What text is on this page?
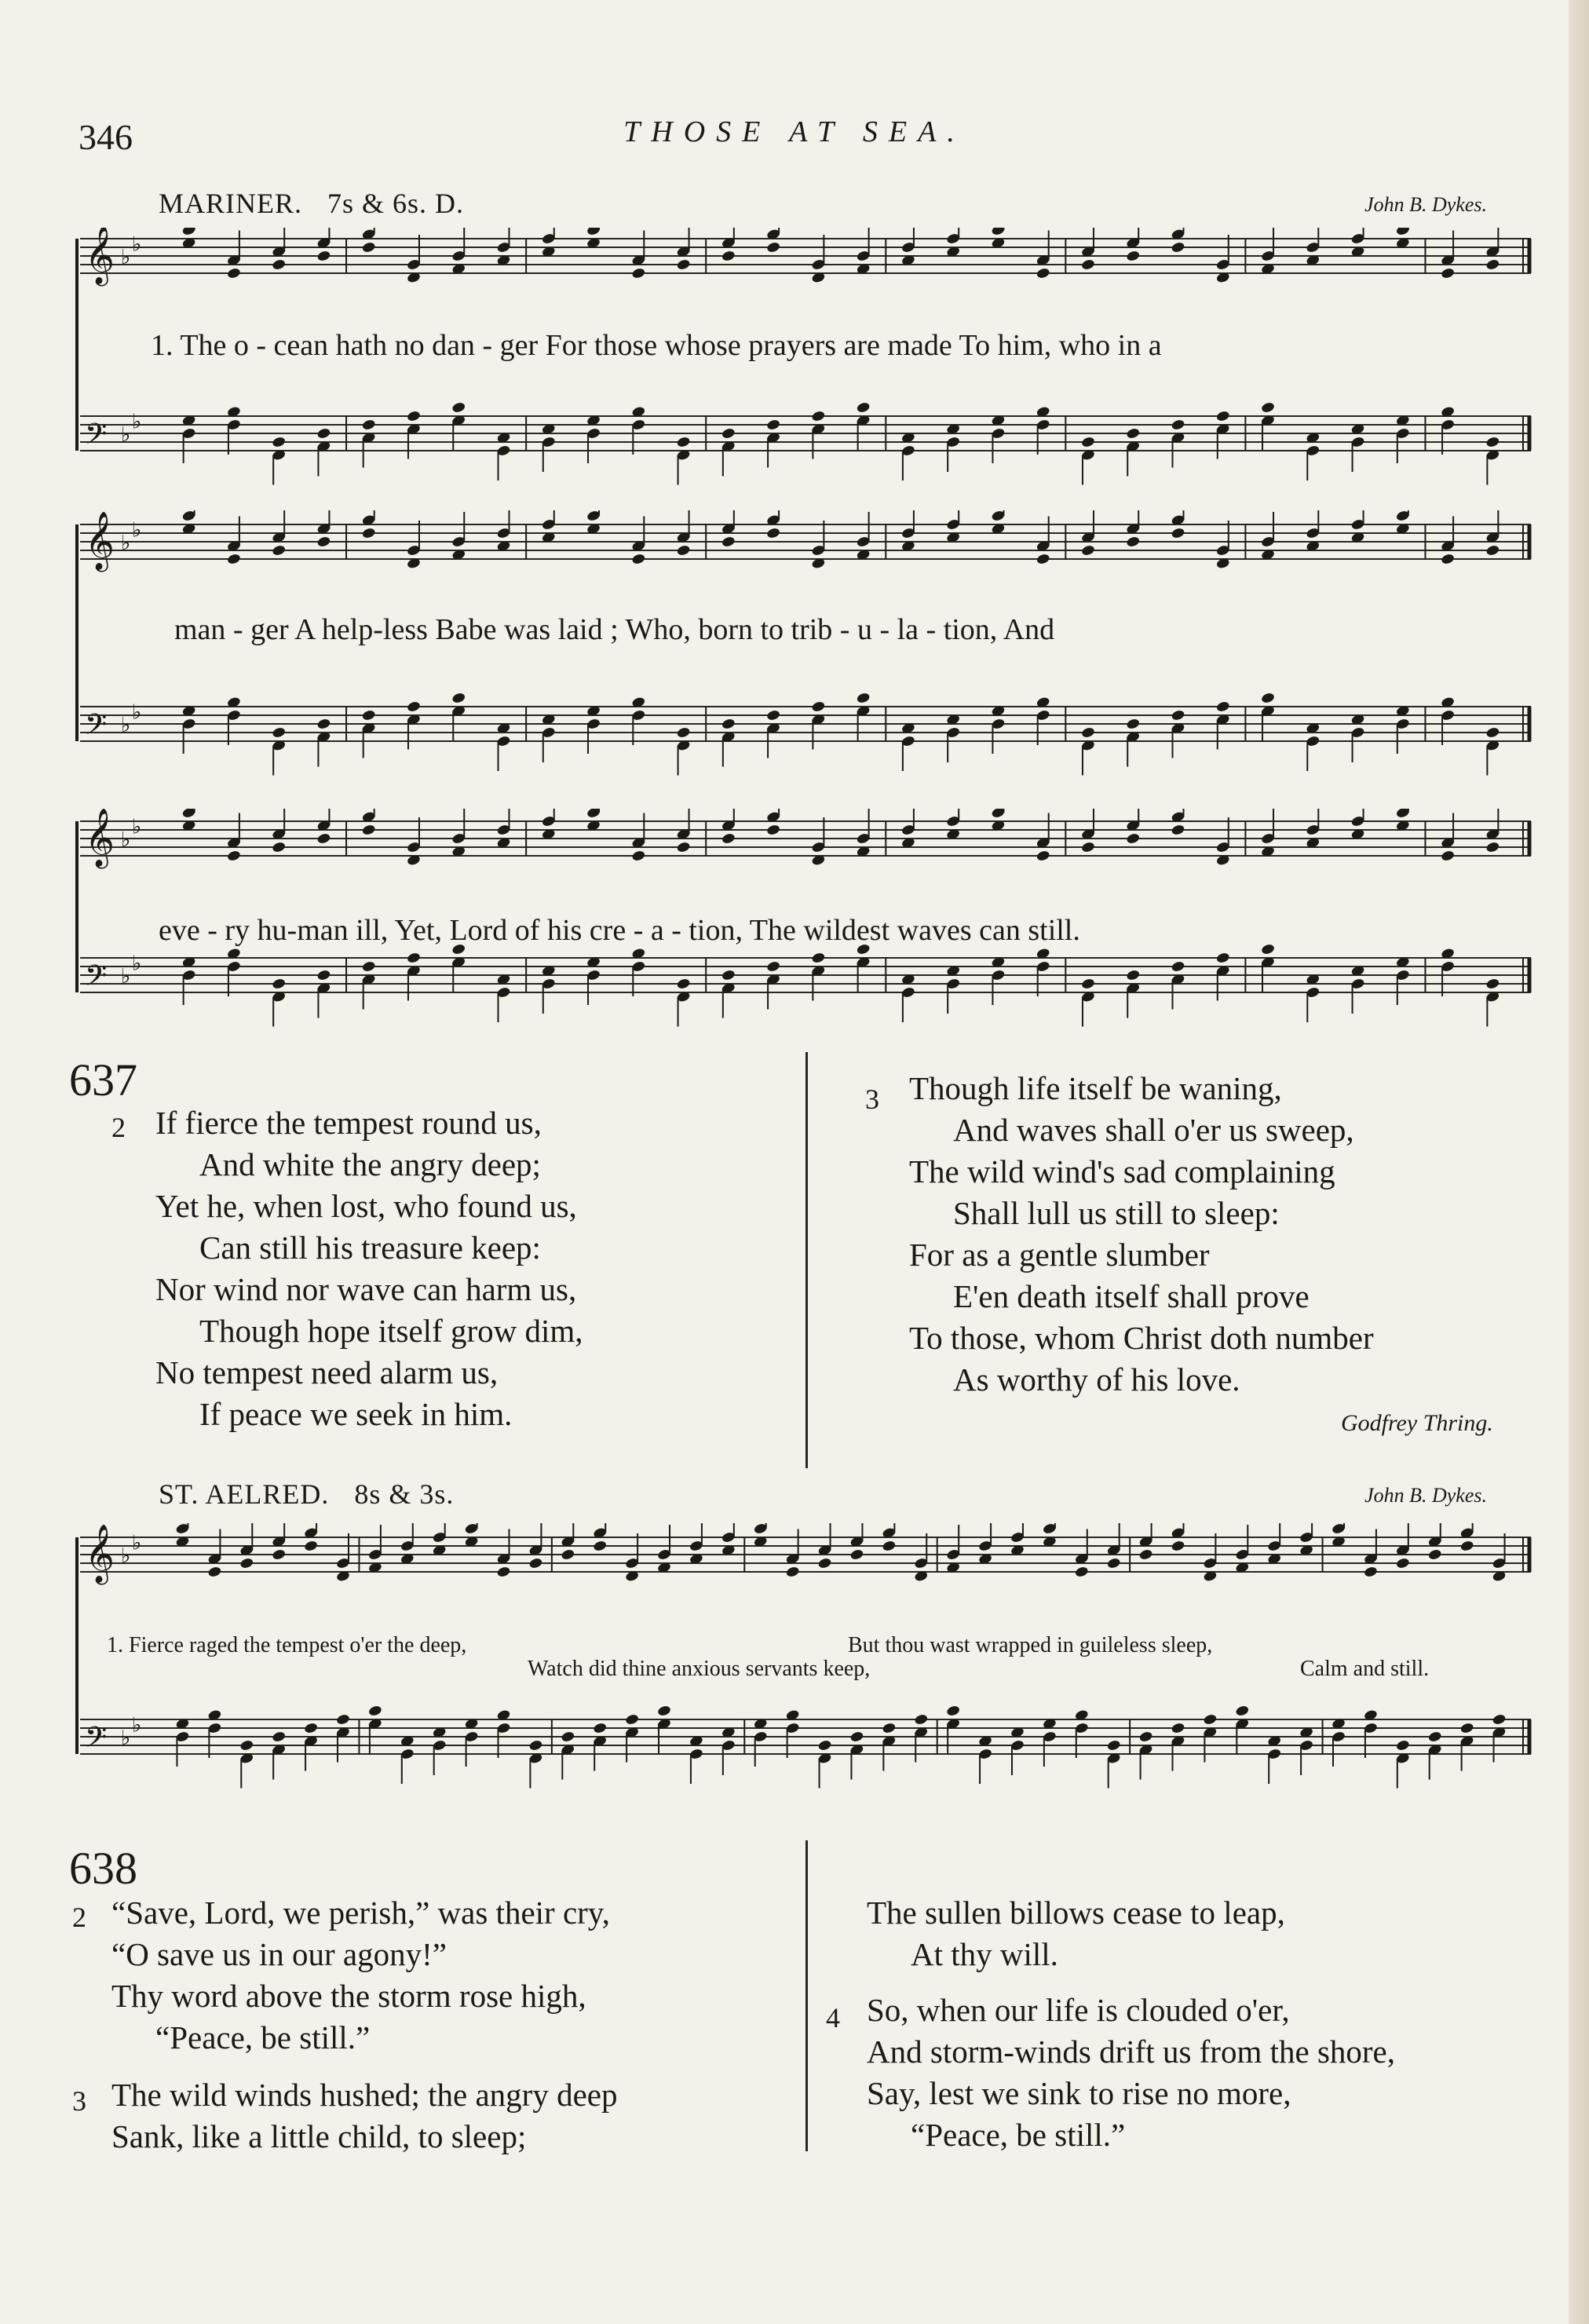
346	THOSE AT SEA.
MARINER. 7s & 6s. D.	John B. Dykes.
𝄞 ♭
♭
𝄢 ♭
♭
1. The o - cean hath no dan - ger For those whose prayers are made To him, who in a
𝄞 ♭
♭
𝄢 ♭
♭
man - ger A help-less Babe was laid ; Who, born to trib - u - la - tion, And
𝄞 ♭
♭
𝄢 ♭
♭
eve - ry hu-man ill, Yet, Lord of his cre - a - tion, The wildest waves can still.
637
2 If fierce the tempest round us,
And white the angry deep;
Yet he, when lost, who found us,
Can still his treasure keep:
Nor wind nor wave can harm us,
Though hope itself grow dim,
No tempest need alarm us,
If peace we seek in him.
3 Though life itself be waning,
And waves shall o'er us sweep,
The wild wind's sad complaining
Shall lull us still to sleep:
For as a gentle slumber
E'en death itself shall prove
To those, whom Christ doth number
As worthy of his love.
Godfrey Thring.
ST. AELRED. 8s & 3s.	John B. Dykes.
𝄞 ♭
♭
𝄢 ♭
♭
1. Fierce raged the tempest o'er the deep,	But thou wast wrapped in guileless sleep,
Watch did thine anxious servants keep,	Calm and still.
638
2 “Save, Lord, we perish,” was their cry,
“O save us in our agony!”
Thy word above the storm rose high,
“Peace, be still.”
3 The wild winds hushed; the angry deep
Sank, like a little child, to sleep;
The sullen billows cease to leap,
At thy will.
4 So, when our life is clouded o'er,
And storm-winds drift us from the shore,
Say, lest we sink to rise no more,
“Peace, be still.”
